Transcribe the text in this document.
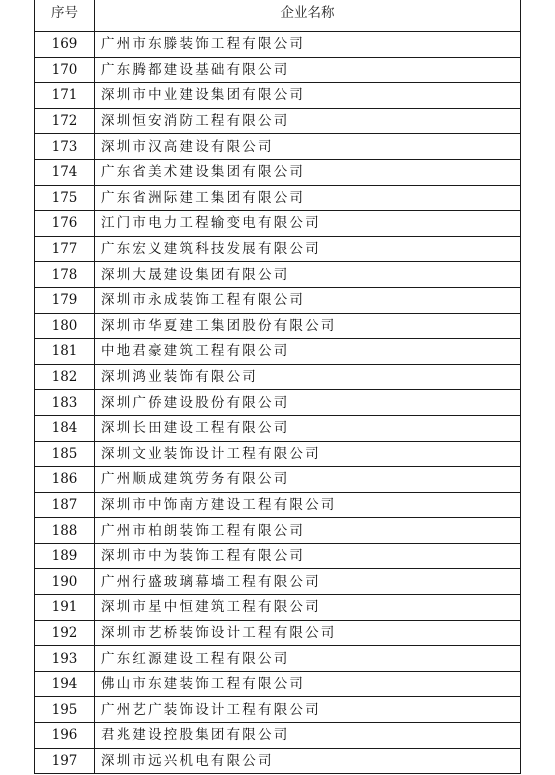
序号	企业名称
169	广州市东滕装饰工程有限公司
170	广东腾都建设基础有限公司
171	深圳市中业建设集团有限公司
172	深圳恒安消防工程有限公司
173	深圳市汉高建设有限公司
174	广东省美术建设集团有限公司
175	广东省洲际建工集团有限公司
176	江门市电力工程输变电有限公司
177	广东宏义建筑科技发展有限公司
178	深圳大晟建设集团有限公司
179	深圳市永成装饰工程有限公司
180	深圳市华夏建工集团股份有限公司
181	中地君豪建筑工程有限公司
182	深圳鸿业装饰有限公司
183	深圳广侨建设股份有限公司
184	深圳长田建设工程有限公司
185	深圳文业装饰设计工程有限公司
186	广州顺成建筑劳务有限公司
187	深圳市中饰南方建设工程有限公司
188	广州市柏朗装饰工程有限公司
189	深圳市中为装饰工程有限公司
190	广州行盛玻璃幕墙工程有限公司
191	深圳市星中恒建筑工程有限公司
192	深圳市艺桥装饰设计工程有限公司
193	广东红源建设工程有限公司
194	佛山市东建装饰工程有限公司
195	广州艺广装饰设计工程有限公司
196	君兆建设控股集团有限公司
197	深圳市远兴机电有限公司
